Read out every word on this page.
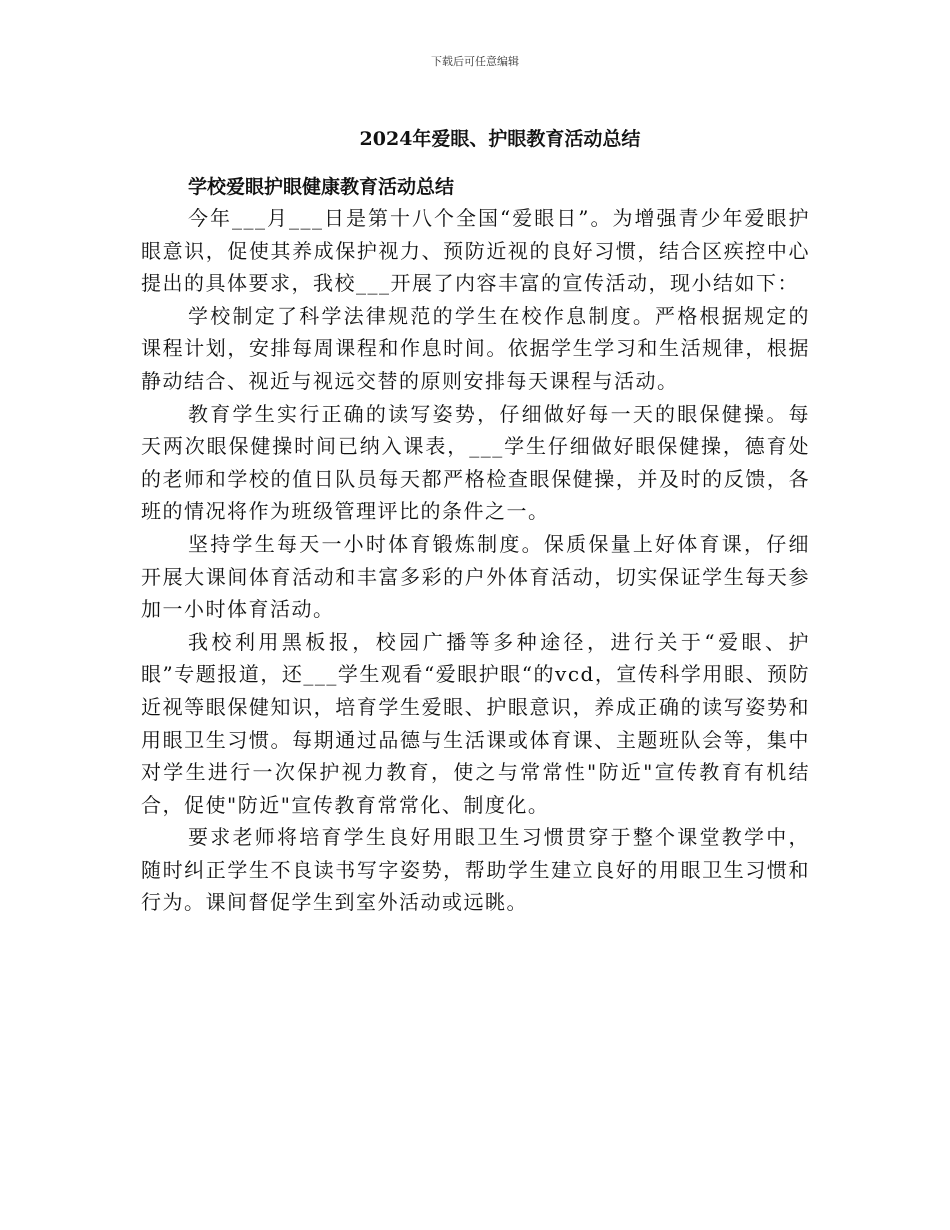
下载后可任意编辑
2024年爱眼、护眼教育活动总结

学校爱眼护眼健康教育活动总结

今年___月___日是第十八个全国“爱眼日”。为增强青少年爱眼护眼意识，促使其养成保护视力、预防近视的良好习惯，结合区疾控中心提出的具体要求，我校___开展了内容丰富的宣传活动，现小结如下：

学校制定了科学法律规范的学生在校作息制度。严格根据规定的课程计划，安排每周课程和作息时间。依据学生学习和生活规律，根据静动结合、视近与视远交替的原则安排每天课程与活动。

教育学生实行正确的读写姿势，仔细做好每一天的眼保健操。每天两次眼保健操时间已纳入课表，___学生仔细做好眼保健操，德育处的老师和学校的值日队员每天都严格检查眼保健操，并及时的反馈，各班的情况将作为班级管理评比的条件之一。

坚持学生每天一小时体育锻炼制度。保质保量上好体育课，仔细开展大课间体育活动和丰富多彩的户外体育活动，切实保证学生每天参加一小时体育活动。

我校利用黑板报，校园广播等多种途径，进行关于“爱眼、护眼”专题报道，还___学生观看“爱眼护眼“的vcd，宣传科学用眼、预防近视等眼保健知识，培育学生爱眼、护眼意识，养成正确的读写姿势和用眼卫生习惯。每期通过品德与生活课或体育课、主题班队会等，集中对学生进行一次保护视力教育，使之与常常性"防近"宣传教育有机结合，促使"防近"宣传教育常常化、制度化。

要求老师将培育学生良好用眼卫生习惯贯穿于整个课堂教学中，随时纠正学生不良读书写字姿势，帮助学生建立良好的用眼卫生习惯和行为。课间督促学生到室外活动或远眺。
